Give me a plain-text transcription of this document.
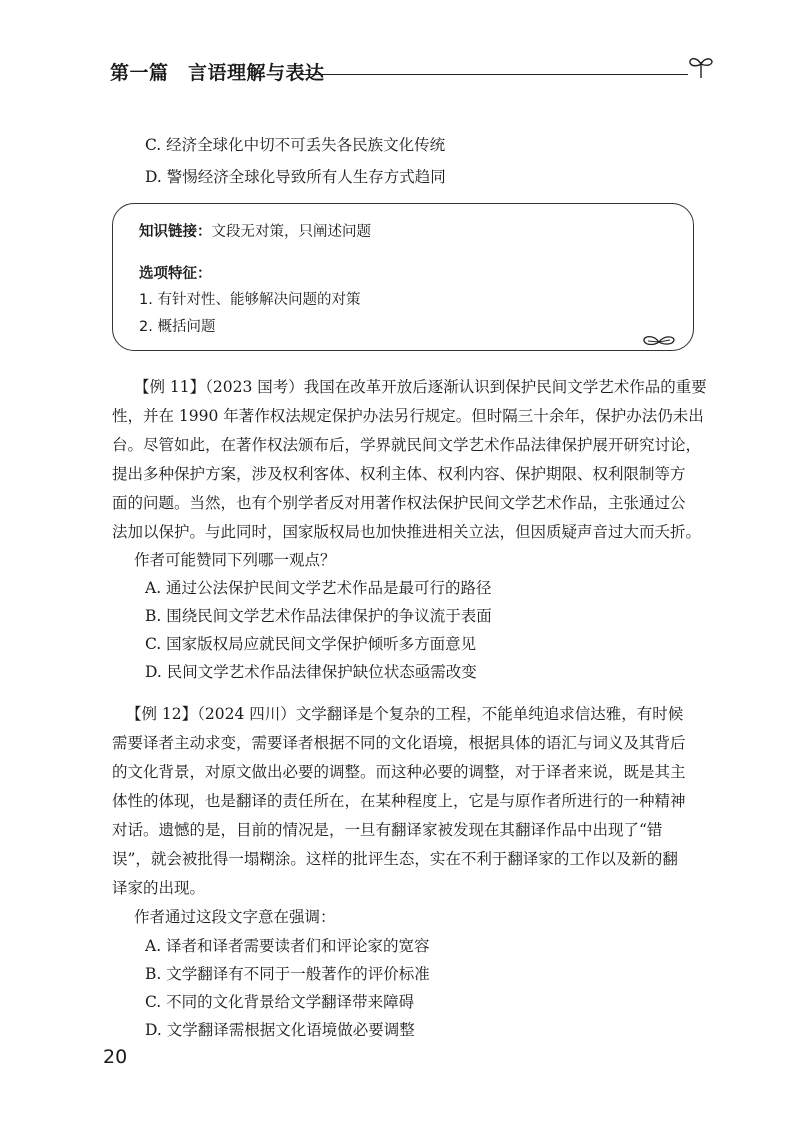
第一篇　言语理解与表达
C. 经济全球化中切不可丢失各民族文化传统
D. 警惕经济全球化导致所有人生存方式趋同
知识链接：文段无对策，只阐述问题
选项特征：
1. 有针对性、能够解决问题的对策
2. 概括问题
【例 11】（2023 国考）我国在改革开放后逐渐认识到保护民间文学艺术作品的重要
性，并在 1990 年著作权法规定保护办法另行规定。但时隔三十余年，保护办法仍未出
台。尽管如此，在著作权法颁布后，学界就民间文学艺术作品法律保护展开研究讨论，
提出多种保护方案，涉及权利客体、权利主体、权利内容、保护期限、权利限制等方
面的问题。当然，也有个别学者反对用著作权法保护民间文学艺术作品，主张通过公
法加以保护。与此同时，国家版权局也加快推进相关立法，但因质疑声音过大而夭折。
作者可能赞同下列哪一观点？
A. 通过公法保护民间文学艺术作品是最可行的路径
B. 围绕民间文学艺术作品法律保护的争议流于表面
C. 国家版权局应就民间文学保护倾听多方面意见
D. 民间文学艺术作品法律保护缺位状态亟需改变
【例 12】（2024 四川）文学翻译是个复杂的工程，不能单纯追求信达雅，有时候
需要译者主动求变，需要译者根据不同的文化语境，根据具体的语汇与词义及其背后
的文化背景，对原文做出必要的调整。而这种必要的调整，对于译者来说，既是其主
体性的体现，也是翻译的责任所在，在某种程度上，它是与原作者所进行的一种精神
对话。遗憾的是，目前的情况是，一旦有翻译家被发现在其翻译作品中出现了“错
误”，就会被批得一塌糊涂。这样的批评生态，实在不利于翻译家的工作以及新的翻
译家的出现。
作者通过这段文字意在强调：
A. 译者和译者需要读者们和评论家的宽容
B. 文学翻译有不同于一般著作的评价标准
C. 不同的文化背景给文学翻译带来障碍
D. 文学翻译需根据文化语境做必要调整
20
